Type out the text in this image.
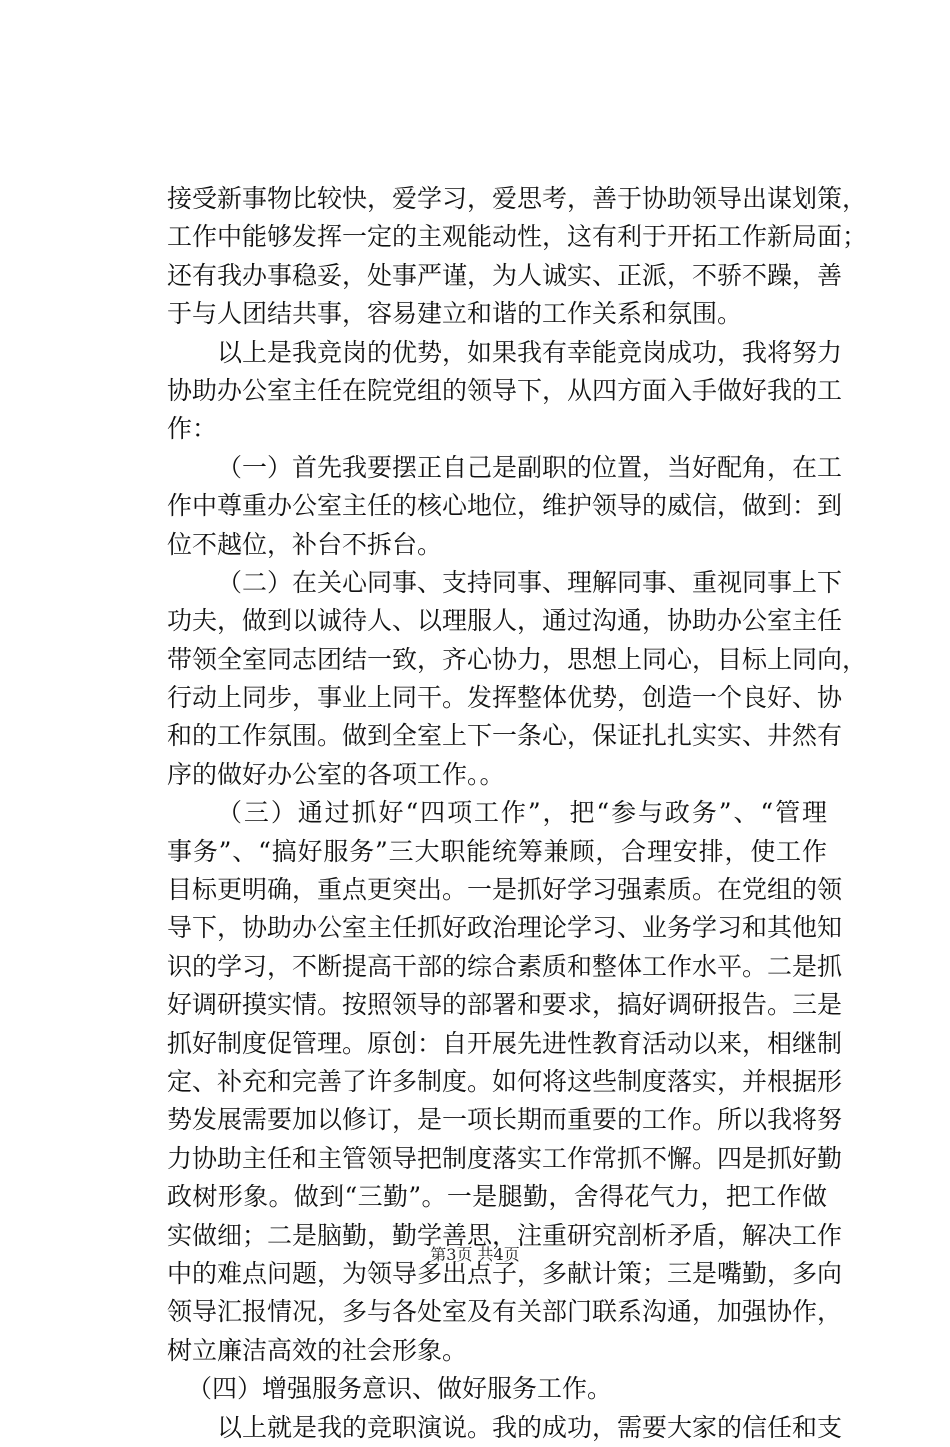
接受新事物比较快，爱学习，爱思考，善于协助领导出谋划策，
工作中能够发挥一定的主观能动性，这有利于开拓工作新局面；
还有我办事稳妥，处事严谨，为人诚实、正派，不骄不躁，善
于与人团结共事，容易建立和谐的工作关系和氛围。
以上是我竞岗的优势，如果我有幸能竞岗成功，我将努力
协助办公室主任在院党组的领导下，从四方面入手做好我的工
作：
（一）首先我要摆正自己是副职的位置，当好配角，在工
作中尊重办公室主任的核心地位，维护领导的威信，做到：到
位不越位，补台不拆台。
（二）在关心同事、支持同事、理解同事、重视同事上下
功夫，做到以诚待人、以理服人，通过沟通，协助办公室主任
带领全室同志团结一致，齐心协力，思想上同心，目标上同向，
行动上同步，事业上同干。发挥整体优势，创造一个良好、协
和的工作氛围。做到全室上下一条心，保证扎扎实实、井然有
序的做好办公室的各项工作。。
（三）通过抓好“四项工作”，把“参与政务”、“管理
事务”、“搞好服务”三大职能统筹兼顾，合理安排，使工作
目标更明确，重点更突出。一是抓好学习强素质。在党组的领
导下，协助办公室主任抓好政治理论学习、业务学习和其他知
识的学习，不断提高干部的综合素质和整体工作水平。二是抓
好调研摸实情。按照领导的部署和要求，搞好调研报告。三是
抓好制度促管理。原创：自开展先进性教育活动以来，相继制
定、补充和完善了许多制度。如何将这些制度落实，并根据形
势发展需要加以修订，是一项长期而重要的工作。所以我将努
力协助主任和主管领导把制度落实工作常抓不懈。四是抓好勤
政树形象。做到“三勤”。一是腿勤，舍得花气力，把工作做
实做细；二是脑勤，勤学善思，注重研究剖析矛盾，解决工作
中的难点问题，为领导多出点子，多献计策；三是嘴勤，多向
领导汇报情况，多与各处室及有关部门联系沟通，加强协作，
树立廉洁高效的社会形象。
（四）增强服务意识、做好服务工作。
以上就是我的竞职演说。我的成功，需要大家的信任和支
第3页 共4页
